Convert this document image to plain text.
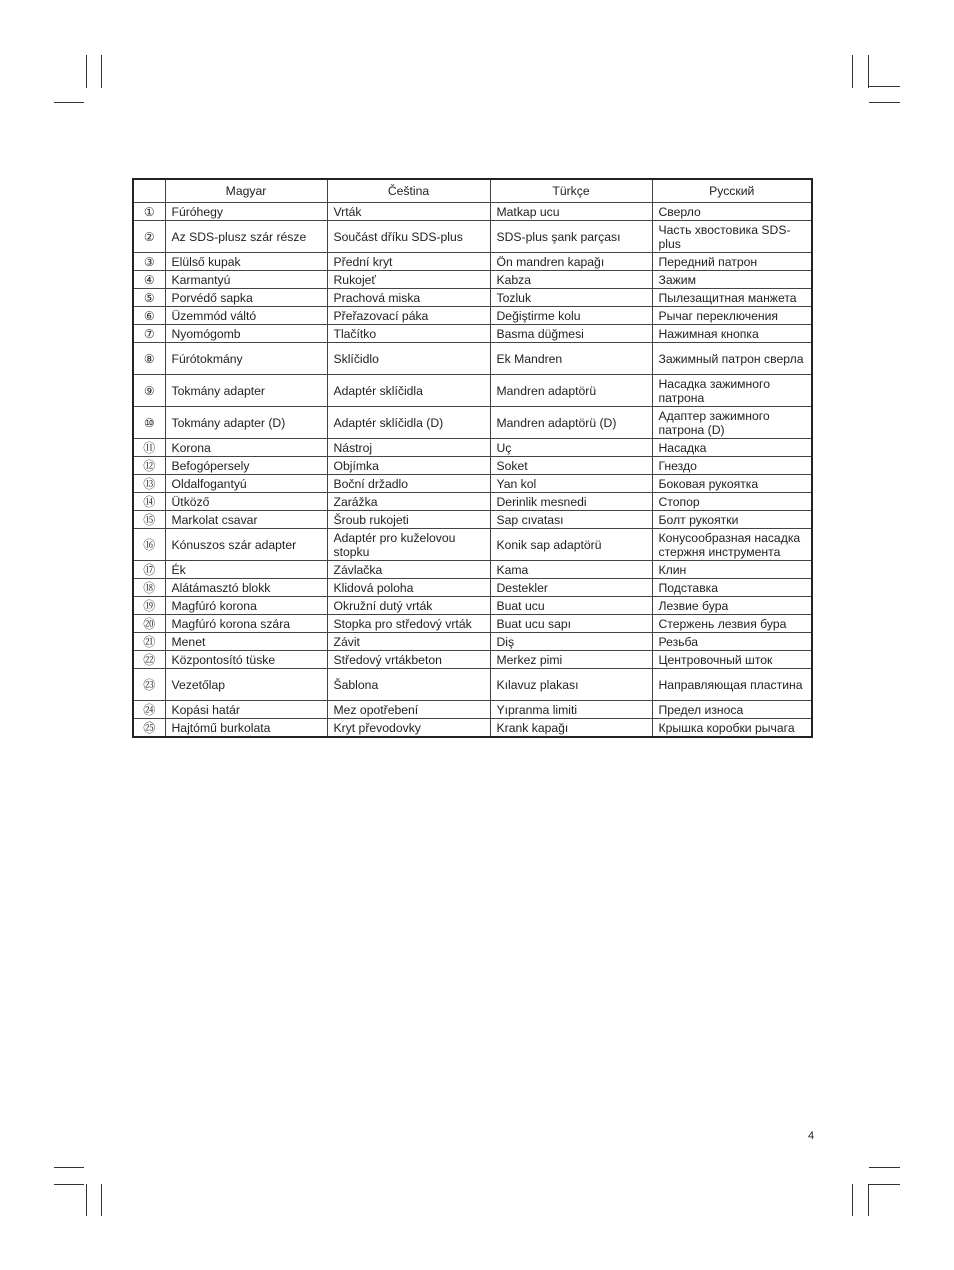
	Magyar	Čeština	Türkçe	Русский
①	Fúróhegy	Vrták	Matkap ucu	Сверло
②	Az SDS-plusz szár része	Součást dříku SDS-plus	SDS-plus şank parçası	Часть хвостовика SDS-plus
③	Elülső kupak	Přední kryt	Ön mandren kapağı	Передний патрон
④	Karmantyú	Rukojeť	Kabza	Зажим
⑤	Porvédő sapka	Prachová miska	Tozluk	Пылезащитная манжета
⑥	Üzemmód váltó	Přeřazovací páka	Değiştirme kolu	Рычаг переключения
⑦	Nyomógomb	Tlačítko	Basma düğmesi	Нажимная кнопка
⑧	Fúrótokmány	Sklíčidlo	Ek Mandren	Зажимный патрон сверла
⑨	Tokmány adapter	Adaptér sklíčidla	Mandren adaptörü	Насадка зажимного патрона
⑩	Tokmány adapter (D)	Adaptér sklíčidla (D)	Mandren adaptörü (D)	Адаптер зажимного патрона (D)
⑪	Korona	Nástroj	Uç	Насадка
⑫	Befogópersely	Objímka	Soket	Гнездо
⑬	Oldalfogantyú	Boční držadlo	Yan kol	Боковая рукоятка
⑭	Ütköző	Zarážka	Derinlik mesnedi	Стопор
⑮	Markolat csavar	Šroub rukojeti	Sap cıvatası	Болт рукоятки
⑯	Kónuszos szár adapter	Adaptér pro kuželovou stopku	Konik sap adaptörü	Конусообразная насадка стержня инструмента
⑰	Ék	Závlačka	Kama	Клин
⑱	Alátámasztó blokk	Klidová poloha	Destekler	Подставка
⑲	Magfúró korona	Okružní dutý vrták	Buat ucu	Лезвие бура
⑳	Magfúró korona szára	Stopka pro středový vrták	Buat ucu sapı	Стержень лезвия бура
㉑	Menet	Závit	Diş	Резьба
㉒	Központosító tüske	Středový vrtákbeton	Merkez pimi	Центровочный шток
㉓	Vezetőlap	Šablona	Kılavuz plakası	Направляющая пластина
㉔	Kopási határ	Mez opotřebení	Yıpranma limiti	Предел износа
㉕	Hajtómű burkolata	Kryt převodovky	Krank kapağı	Крышка коробки рычага
4
